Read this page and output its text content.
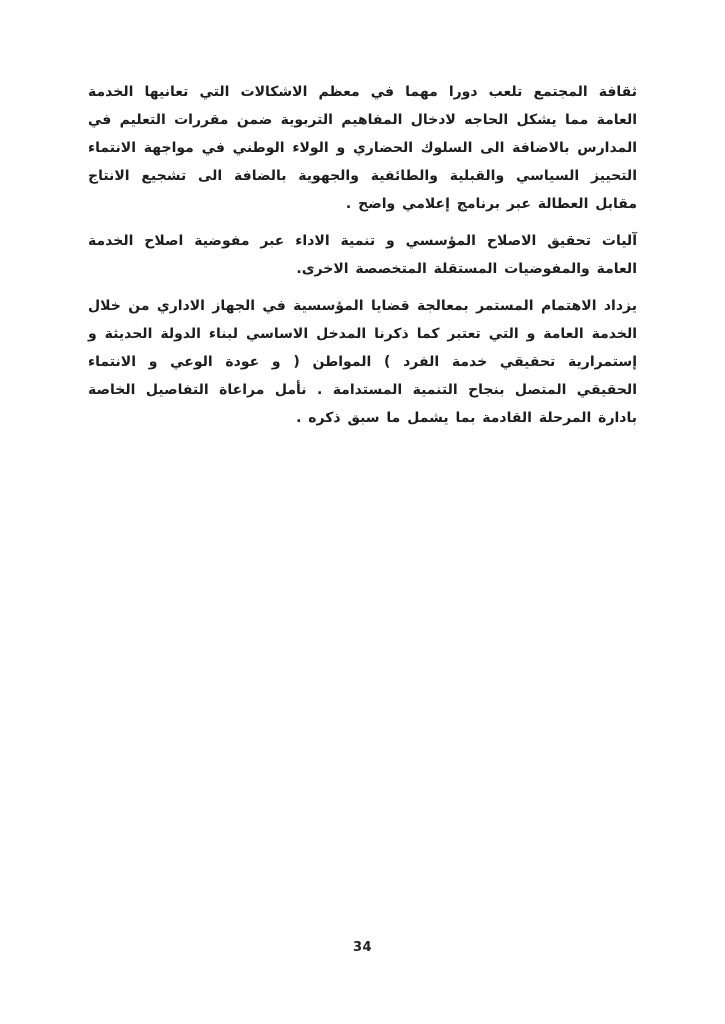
ثقافة المجتمع تلعب دورا مهما في معظم الاشكالات التي تعانيها الخدمة العامة مما يشكل الحاجه لادخال المفاهيم التربوية ضمن مقررات التعليم في المدارس بالاضافة الى السلوك الحضاري و الولاء الوطني في مواجهة الانتماء التحييز السياسي والقبلية والطائفية والجهوية بالضافة الى تشجيع الانتاج مقابل العطالة عبر برنامج إعلامي واضح .

آليات تحقيق الاصلاح المؤسسي و تنمية الاداء عبر مفوضية اصلاح الخدمة العامة والمفوضيات المستقلة المتخصصة الاخرى.

يزداد الاهتمام المستمر بمعالجة قضايا المؤسسية في الجهاز الاداري من خلال الخدمة العامة و التي تعتبر كما ذكرنا المدخل الاساسي لبناء الدولة الحديثة و إستمرارية تحقيقي خدمة الفرد ) المواطن ( و عودة الوعي و الانتماء الحقيقي المتصل بنجاح التنمية المستدامة . نأمل مراعاة التفاصيل الخاصة بادارة المرحلة القادمة بما يشمل ما سبق ذكره .

34
